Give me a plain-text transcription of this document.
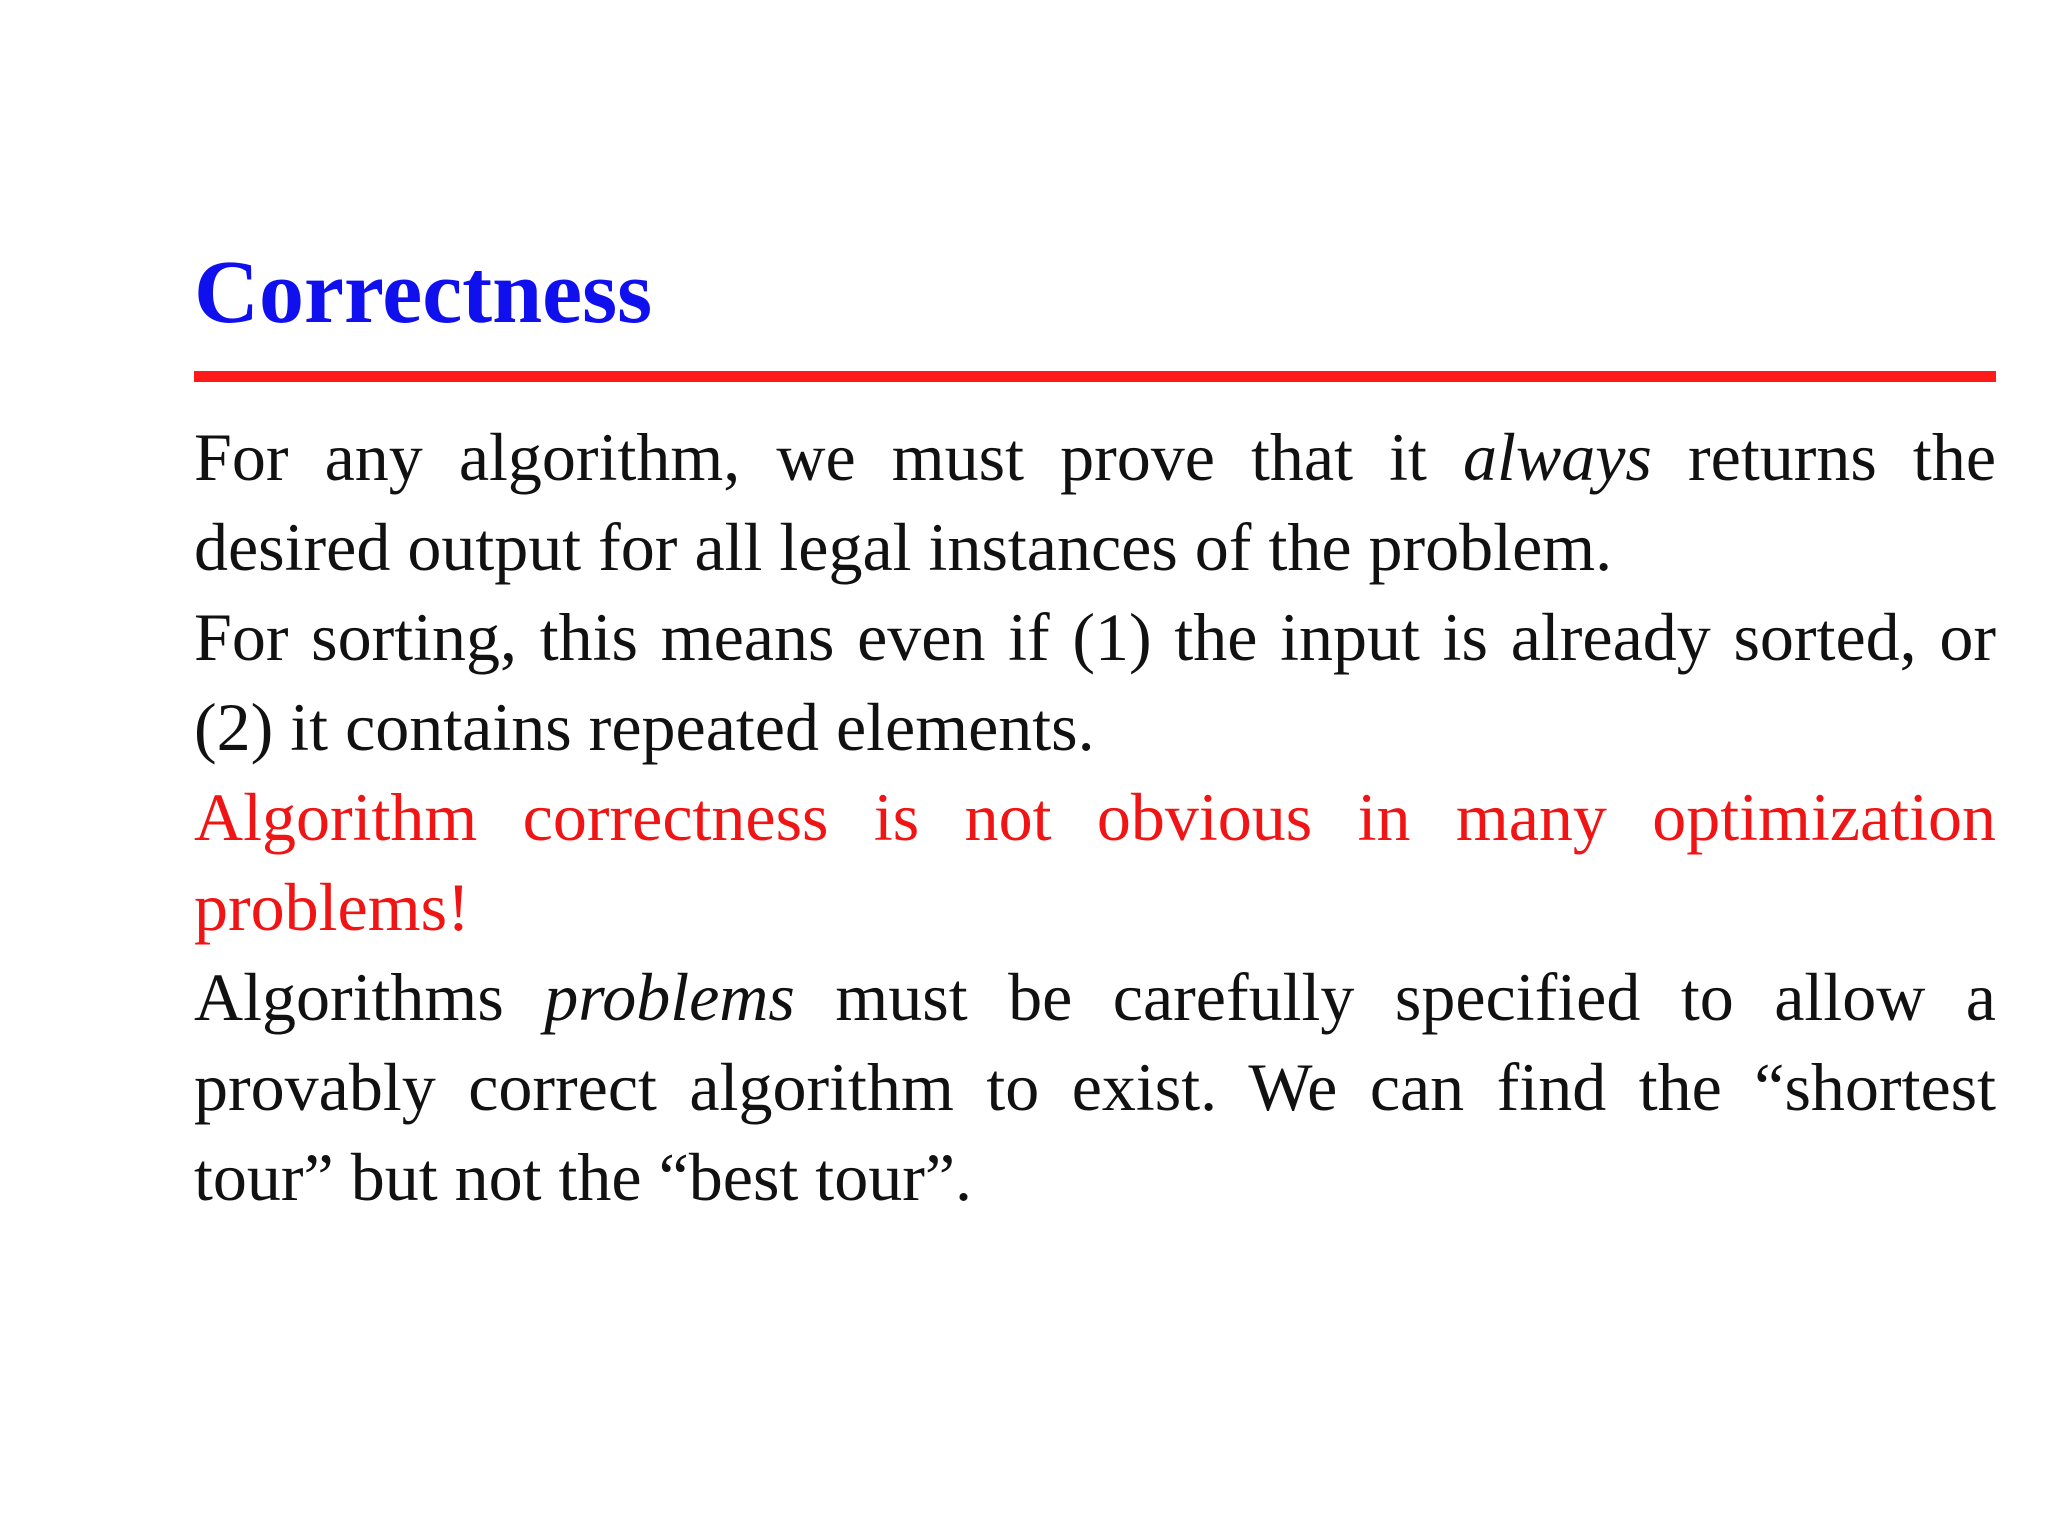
Correctness

For any algorithm, we must prove that it always returns the desired output for all legal instances of the problem.

For sorting, this means even if (1) the input is already sorted, or (2) it contains repeated elements.

Algorithm correctness is not obvious in many optimization problems!

Algorithms problems must be carefully specified to allow a provably correct algorithm to exist. We can find the “shortest tour” but not the “best tour”.
